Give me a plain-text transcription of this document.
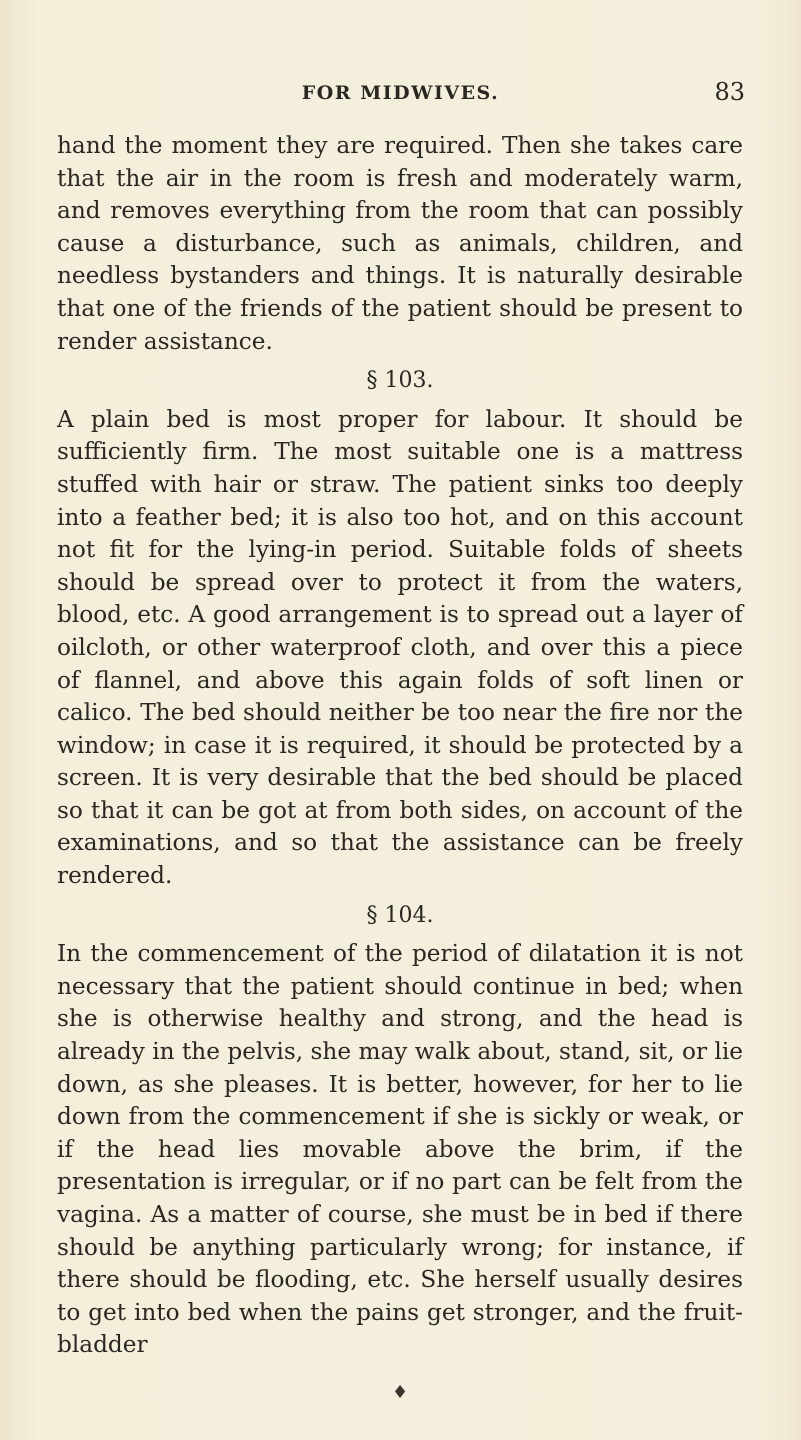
FOR MIDWIVES.	83

hand the moment they are required. Then she takes care that the air in the room is fresh and moderately warm, and removes everything from the room that can possibly cause a disturbance, such as animals, children, and needless bystanders and things. It is naturally desirable that one of the friends of the patient should be present to render assistance.

§ 103.

A plain bed is most proper for labour. It should be sufficiently firm. The most suitable one is a mattress stuffed with hair or straw. The patient sinks too deeply into a feather bed; it is also too hot, and on this account not fit for the lying-in period. Suitable folds of sheets should be spread over to protect it from the waters, blood, etc. A good arrangement is to spread out a layer of oilcloth, or other waterproof cloth, and over this a piece of flannel, and above this again folds of soft linen or calico. The bed should neither be too near the fire nor the window; in case it is required, it should be protected by a screen. It is very desirable that the bed should be placed so that it can be got at from both sides, on account of the examinations, and so that the assistance can be freely rendered.

§ 104.

In the commencement of the period of dilatation it is not necessary that the patient should continue in bed; when she is otherwise healthy and strong, and the head is already in the pelvis, she may walk about, stand, sit, or lie down, as she pleases. It is better, however, for her to lie down from the commencement if she is sickly or weak, or if the head lies movable above the brim, if the presentation is irregular, or if no part can be felt from the vagina. As a matter of course, she must be in bed if there should be anything particularly wrong; for instance, if there should be flooding, etc. She herself usually desires to get into bed when the pains get stronger, and the fruit-bladder

♦
